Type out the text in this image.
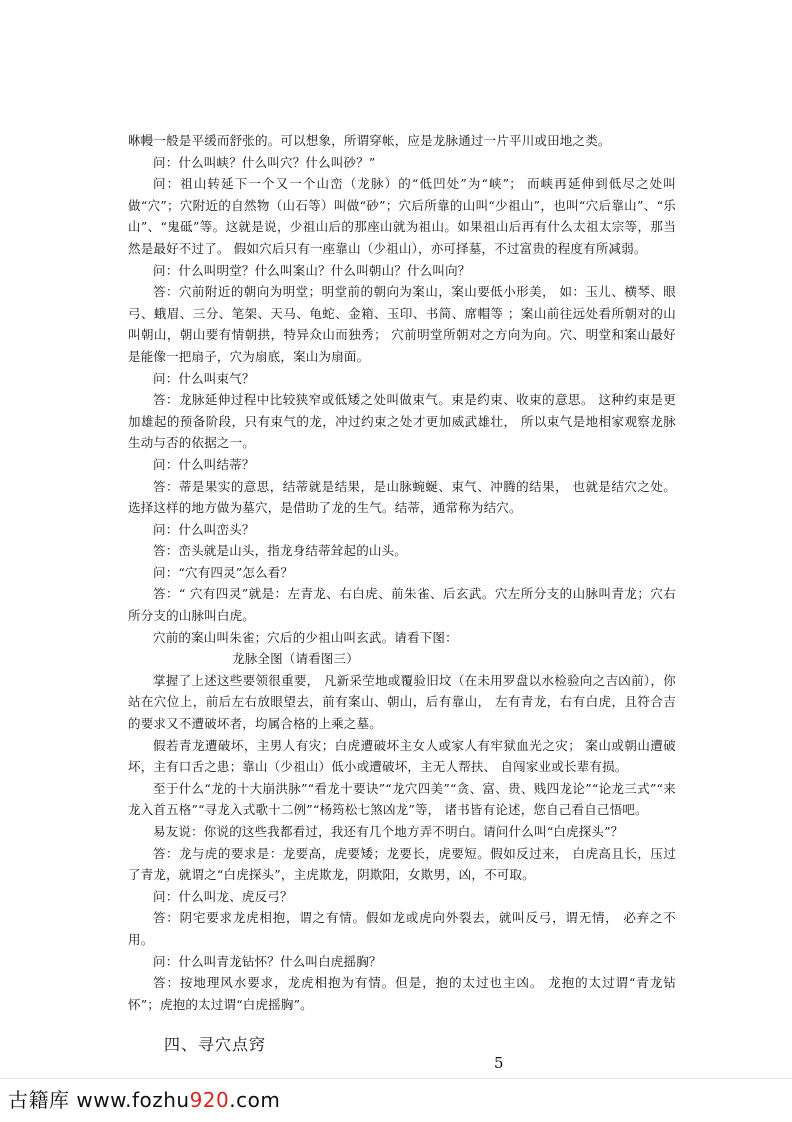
咻幔一般是平缓而舒张的。可以想象，所谓穿帐，应是龙脉通过一片平川或田地之类。

问：什么叫峡？什么叫穴？什么叫砂？”

问：祖山转延下一个又一个山峦（龙脉）的“低凹处”为“峡”； 而峡再延伸到低尽之处叫做“穴”；穴附近的自然物（山石等）叫做“砂”；穴后所靠的山叫“少祖山”，也叫“穴后靠山”、“乐山”、“鬼砥”等。这就是说，少祖山后的那座山就为祖山。如果祖山后再有什么太祖太宗等，那当然是最好不过了。 假如穴后只有一座靠山（少祖山），亦可择墓，不过富贵的程度有所减弱。

问：什么叫明堂？什么叫案山？什么叫朝山？什么叫向？

答：穴前附近的朝向为明堂；明堂前的朝向为案山，案山要低小形美， 如：玉儿、横琴、眼弓、蛾眉、三分、笔架、天马、龟蛇、金箱、玉印、书简、席帽等 ；案山前往远处看所朝对的山叫朝山，朝山要有情朝拱，特异众山而独秀； 穴前明堂所朝对之方向为向。穴、明堂和案山最好是能像一把扇子，穴为扇底，案山为扇面。

问：什么叫束气？

答：龙脉延伸过程中比较狭窄或低矮之处叫做束气。束是约束、收束的意思。 这种约束是更加雄起的预备阶段，只有束气的龙，冲过约束之处才更加威武雄壮， 所以束气是地相家观察龙脉生动与否的依据之一。

问：什么叫结蒂？

答：蒂是果实的意思，结蒂就是结果，是山脉蜿蜒、束气、冲腾的结果， 也就是结穴之处。选择这样的地方做为墓穴，是借助了龙的生气。结蒂，通常称为结穴。

问：什么叫峦头？

答：峦头就是山头，指龙身结蒂耸起的山头。

问：“穴有四灵”怎么看？

答：“ 穴有四灵”就是：左青龙、右白虎、前朱雀、后玄武。穴左所分支的山脉叫青龙；穴右所分支的山脉叫白虎。

穴前的案山叫朱雀；穴后的少祖山叫玄武。请看下图：

龙脉全图（请看图三）

掌握了上述这些要领很重要， 凡新采茔地或覆验旧坟（在未用罗盘以水检验向之吉凶前），你站在穴位上，前后左右放眼望去，前有案山、朝山，后有靠山， 左有青龙，右有白虎，且符合吉的要求又不遭破坏者，均属合格的上乘之墓。

假若青龙遭破坏，主男人有灾；白虎遭破坏主女人或家人有牢狱血光之灾； 案山或朝山遭破坏，主有口舌之患；靠山（少祖山）低小或遭破坏，主无人帮扶、 自闯家业或长辈有损。

至于什么“龙的十大崩洪脉”“看龙十要诀”“龙穴四美”“贪、富、贵、贱四龙论”“论龙三式”“来龙入首五格”“寻龙入式歌十二例”“杨筠松七煞凶龙”等， 诸书皆有论述，您自己看自己悟吧。

易友说：你说的这些我都看过，我还有几个地方弄不明白。请问什么叫“白虎探头”？

答：龙与虎的要求是：龙要高，虎要矮；龙要长，虎要短。假如反过来， 白虎高且长，压过了青龙，就谓之“白虎探头”，主虎欺龙，阴欺阳，女欺男，凶，不可取。

问：什么叫龙、虎反弓？

答：阴宅要求龙虎相抱，谓之有情。假如龙或虎向外裂去，就叫反弓，谓无情， 必弃之不用。

问：什么叫青龙钻怀？什么叫白虎摇胸？

答：按地理风水要求，龙虎相抱为有情。但是，抱的太过也主凶。 龙抱的太过谓“青龙钻怀”；虎抱的太过谓“白虎摇胸”。

四、寻穴点窍
5
古籍库 www.fozhu920.com
